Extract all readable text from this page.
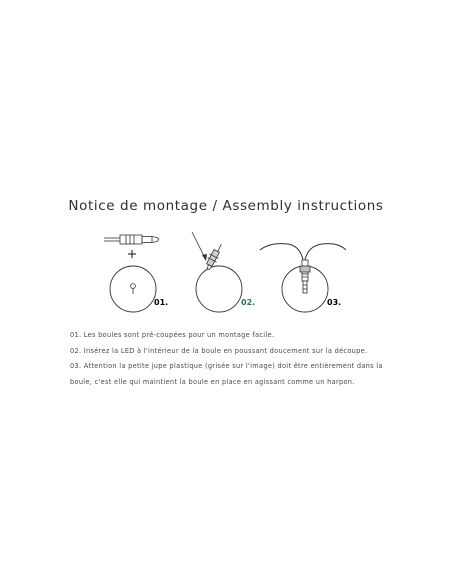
Notice de montage / Assembly instructions
01.	02.	03.

01. Les boules sont pré-coupées pour un montage facile.

02. Insérez la LED à l'intérieur de la boule en poussant doucement sur la découpe.

03. Attention la petite jupe plastique (grisée sur l'image) doit être entièrement dans la

boule, c'est elle qui maintient la boule en place en agissant comme un harpon.
